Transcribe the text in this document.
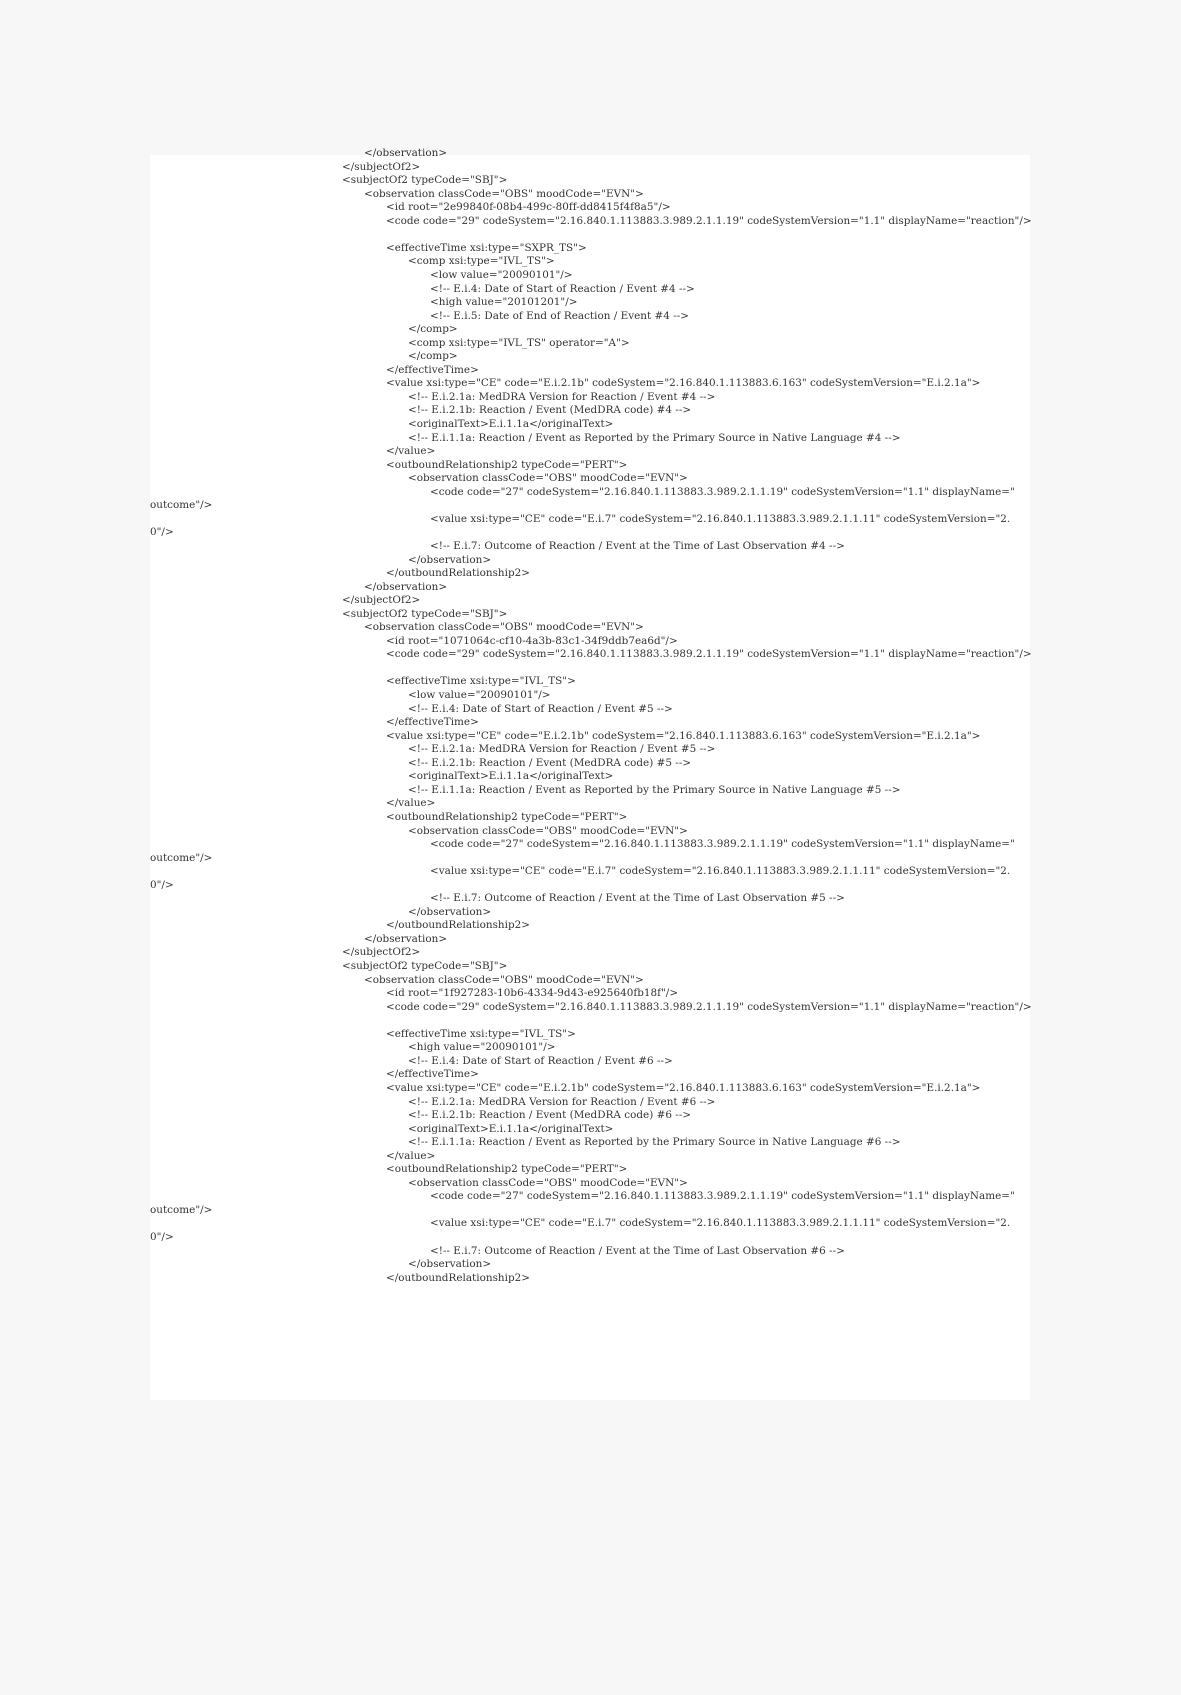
</observation>
</subjectOf2>
<subjectOf2 typeCode="SBJ">
<observation classCode="OBS" moodCode="EVN">
<id root="2e99840f-08b4-499c-80ff-dd8415f4f8a5"/>
<code code="29" codeSystem="2.16.840.1.113883.3.989.2.1.1.19" codeSystemVersion="1.1" displayName="reaction"/>
<effectiveTime xsi:type="SXPR_TS">
<comp xsi:type="IVL_TS">
<low value="20090101"/>
<!-- E.i.4: Date of Start of Reaction / Event #4 -->
<high value="20101201"/>
<!-- E.i.5: Date of End of Reaction / Event #4 -->
</comp>
<comp xsi:type="IVL_TS" operator="A">
</comp>
</effectiveTime>
<value xsi:type="CE" code="E.i.2.1b" codeSystem="2.16.840.1.113883.6.163" codeSystemVersion="E.i.2.1a">
<!-- E.i.2.1a: MedDRA Version for Reaction / Event #4 -->
<!-- E.i.2.1b: Reaction / Event (MedDRA code) #4 -->
<originalText>E.i.1.1a</originalText>
<!-- E.i.1.1a: Reaction / Event as Reported by the Primary Source in Native Language #4 -->
</value>
<outboundRelationship2 typeCode="PERT">
<observation classCode="OBS" moodCode="EVN">
<code code="27" codeSystem="2.16.840.1.113883.3.989.2.1.1.19" codeSystemVersion="1.1" displayName="
outcome"/>
<value xsi:type="CE" code="E.i.7" codeSystem="2.16.840.1.113883.3.989.2.1.1.11" codeSystemVersion="2.
0"/>
<!-- E.i.7: Outcome of Reaction / Event at the Time of Last Observation #4 -->
</observation>
</outboundRelationship2>
</observation>
</subjectOf2>
<subjectOf2 typeCode="SBJ">
<observation classCode="OBS" moodCode="EVN">
<id root="1071064c-cf10-4a3b-83c1-34f9ddb7ea6d"/>
<code code="29" codeSystem="2.16.840.1.113883.3.989.2.1.1.19" codeSystemVersion="1.1" displayName="reaction"/>
<effectiveTime xsi:type="IVL_TS">
<low value="20090101"/>
<!-- E.i.4: Date of Start of Reaction / Event #5 -->
</effectiveTime>
<value xsi:type="CE" code="E.i.2.1b" codeSystem="2.16.840.1.113883.6.163" codeSystemVersion="E.i.2.1a">
<!-- E.i.2.1a: MedDRA Version for Reaction / Event #5 -->
<!-- E.i.2.1b: Reaction / Event (MedDRA code) #5 -->
<originalText>E.i.1.1a</originalText>
<!-- E.i.1.1a: Reaction / Event as Reported by the Primary Source in Native Language #5 -->
</value>
<outboundRelationship2 typeCode="PERT">
<observation classCode="OBS" moodCode="EVN">
<code code="27" codeSystem="2.16.840.1.113883.3.989.2.1.1.19" codeSystemVersion="1.1" displayName="
outcome"/>
<value xsi:type="CE" code="E.i.7" codeSystem="2.16.840.1.113883.3.989.2.1.1.11" codeSystemVersion="2.
0"/>
<!-- E.i.7: Outcome of Reaction / Event at the Time of Last Observation #5 -->
</observation>
</outboundRelationship2>
</observation>
</subjectOf2>
<subjectOf2 typeCode="SBJ">
<observation classCode="OBS" moodCode="EVN">
<id root="1f927283-10b6-4334-9d43-e925640fb18f"/>
<code code="29" codeSystem="2.16.840.1.113883.3.989.2.1.1.19" codeSystemVersion="1.1" displayName="reaction"/>
<effectiveTime xsi:type="IVL_TS">
<high value="20090101"/>
<!-- E.i.4: Date of Start of Reaction / Event #6 -->
</effectiveTime>
<value xsi:type="CE" code="E.i.2.1b" codeSystem="2.16.840.1.113883.6.163" codeSystemVersion="E.i.2.1a">
<!-- E.i.2.1a: MedDRA Version for Reaction / Event #6 -->
<!-- E.i.2.1b: Reaction / Event (MedDRA code) #6 -->
<originalText>E.i.1.1a</originalText>
<!-- E.i.1.1a: Reaction / Event as Reported by the Primary Source in Native Language #6 -->
</value>
<outboundRelationship2 typeCode="PERT">
<observation classCode="OBS" moodCode="EVN">
<code code="27" codeSystem="2.16.840.1.113883.3.989.2.1.1.19" codeSystemVersion="1.1" displayName="
outcome"/>
<value xsi:type="CE" code="E.i.7" codeSystem="2.16.840.1.113883.3.989.2.1.1.11" codeSystemVersion="2.
0"/>
<!-- E.i.7: Outcome of Reaction / Event at the Time of Last Observation #6 -->
</observation>
</outboundRelationship2>
